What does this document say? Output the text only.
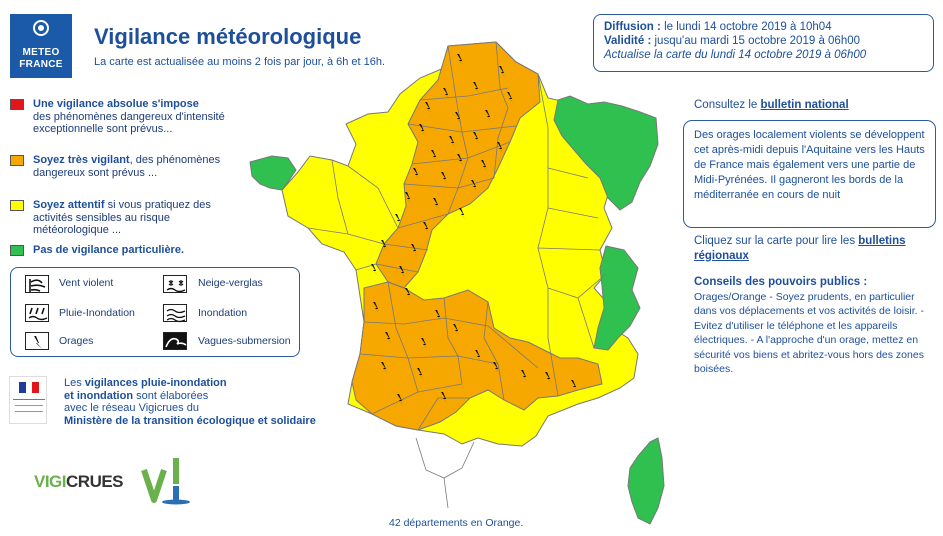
METEO
FRANCE
Vigilance météorologique
La carte est actualisée au moins 2 fois par jour, à 6h et 16h.
Diffusion : le lundi 14 octobre 2019 à 10h04
Validité : jusqu'au mardi 15 octobre 2019 à 06h00
Actualise la carte du lundi 14 octobre 2019 à 06h00
Une vigilance absolue s'impose
des phénomènes dangereux d'intensité exceptionnelle sont prévus...
Soyez très vigilant, des phénomènes dangereux sont prévus ...
Soyez attentif si vous pratiquez des activités sensibles au risque météorologique ...
Pas de vigilance particulière.
Vent violent	Neige-verglas
Pluie-Inondation	Inondation
Orages	Vagues-submersion
Les vigilances pluie-inondation
et inondation sont élaborées
avec le réseau Vigicrues du
Ministère de la transition écologique et solidaire
VIGICRUES
42 départements en Orange.
Consultez le bulletin national
Des orages localement violents se développent cet après-midi depuis l'Aquitaine vers les Hauts de France mais également vers une partie de Midi-Pyrénées. Il gagneront les bords de la méditerranée en cours de nuit
Cliquez sur la carte pour lire les bulletins régionaux
Conseils des pouvoirs publics :
Orages/Orange - Soyez prudents, en particulier dans vos déplacements et vos activités de loisir. - Evitez d'utiliser le téléphone et les appareils électriques. - A l'approche d'un orage, mettez en sécurité vos biens et abritez-vous hors des zones boisées.
